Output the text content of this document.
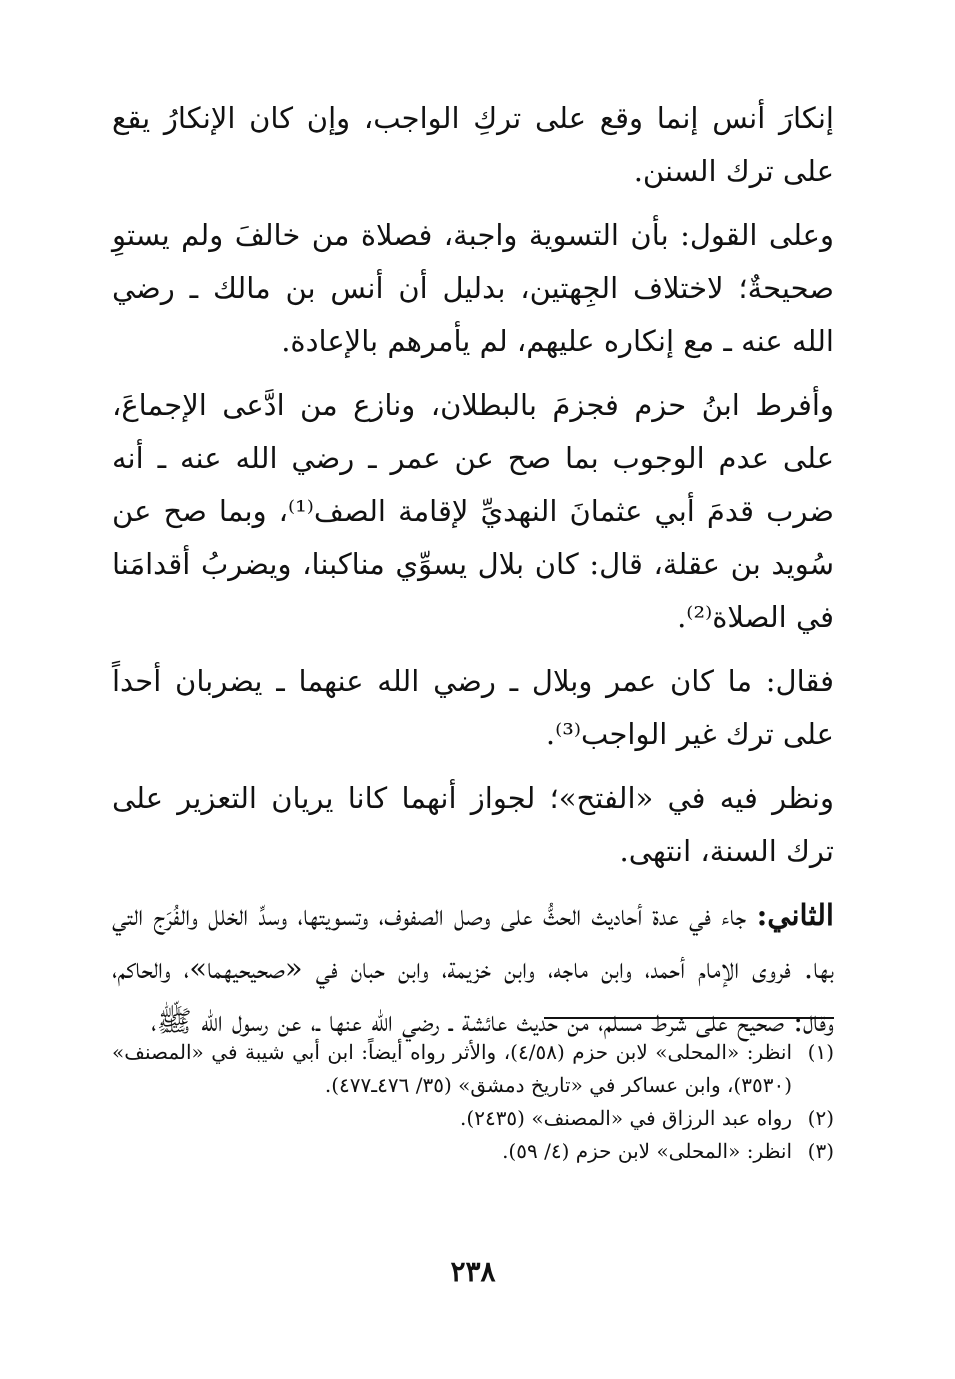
إنكارَ أنس إنما وقع على تركِ الواجب، وإن كان الإنكارُ يقع على ترك السنن.

وعلى القول: بأن التسوية واجبة، فصلاة من خالفَ ولم يستوِ صحيحةٌ؛ لاختلاف الجِهتين، بدليل أن أنس بن مالك ـ رضي الله عنه ـ مع إنكاره عليهم، لم يأمرهم بالإعادة.

وأفرط ابنُ حزم فجزمَ بالبطلان، ونازع من ادَّعى الإجماعَ، على عدم الوجوب بما صح عن عمر ـ رضي الله عنه ـ أنه ضرب قدمَ أبي عثمانَ النهديِّ لإقامة الصف⁽¹⁾، وبما صح عن سُويد بن عقلة، قال: كان بلال يسوِّي مناكبنا، ويضربُ أقدامَنا في الصلاة⁽²⁾.

فقال: ما كان عمر وبلال ـ رضي الله عنهما ـ يضربان أحداً على ترك غير الواجب⁽³⁾.

ونظر فيه في «الفتح»؛ لجواز أنهما كانا يريان التعزير على ترك السنة، انتهى.

الثاني: جاء في عدة أحاديث الحثُّ على وصل الصفوف، وتسويتها، وسدِّ الخلل والفُرَج التي بها. فروى الإمام أحمد، وابن ماجه، وابن خزيمة، وابن حبان في «صحيحيهما»، والحاكم، وقال: صحيح على شرط مسلم، من حديث عائشة ـ رضي الله عنها ـ، عن رسول الله ﷺ،

(١)
انظر: «المحلى» لابن حزم (٤/٥٨)، والأثر رواه أيضاً: ابن أبي شيبة في «المصنف» (٣٥٣٠)، وابن عساكر في «تاريخ دمشق» (٣٥/ ٤٧٦ـ٤٧٧).
(٢)
رواه عبد الرزاق في «المصنف» (٢٤٣٥).
(٣)
انظر: «المحلى» لابن حزم (٤/ ٥٩).
٢٣٨
